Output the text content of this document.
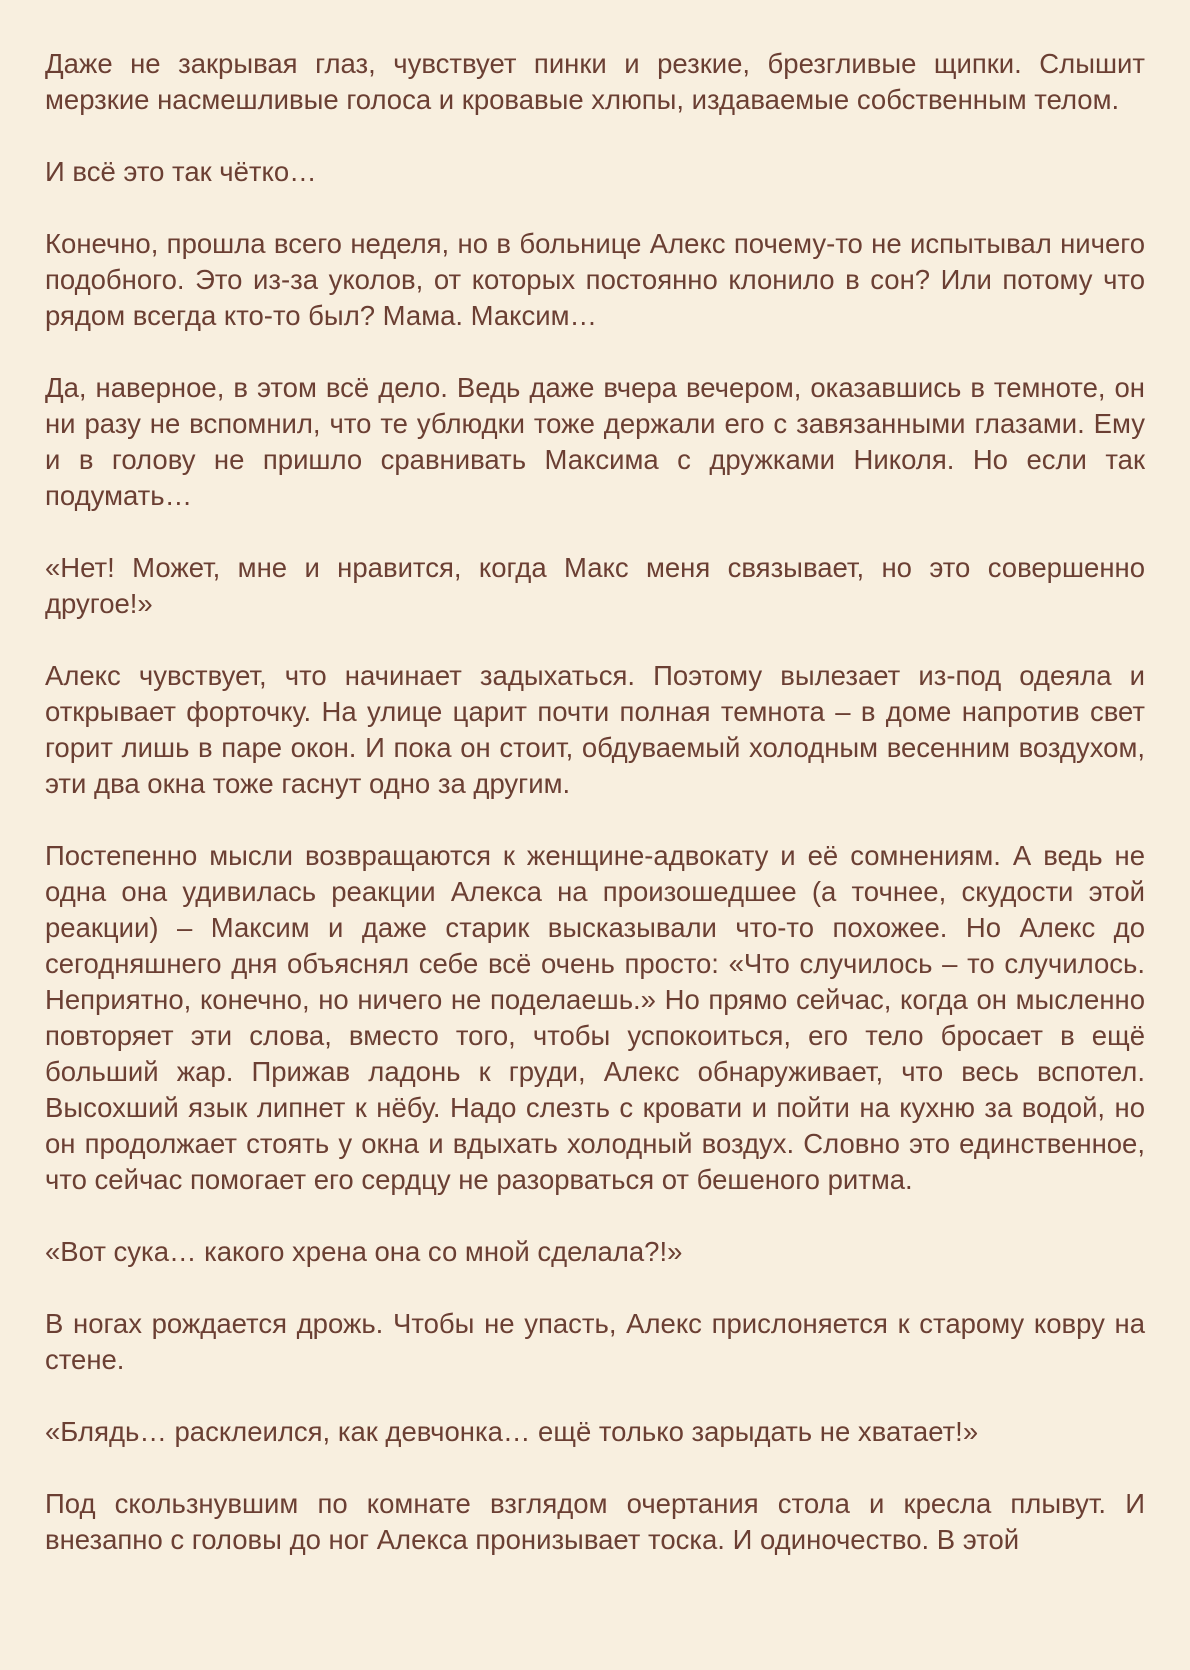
Даже не закрывая глаз, чувствует пинки и резкие, брезгливые щипки. Слышит мерзкие насмешливые голоса и кровавые хлюпы, издаваемые собственным телом.

И всё это так чётко…

Конечно, прошла всего неделя, но в больнице Алекс почему-то не испытывал ничего подобного. Это из-за уколов, от которых постоянно клонило в сон? Или потому что рядом всегда кто-то был? Мама. Максим…

Да, наверное, в этом всё дело. Ведь даже вчера вечером, оказавшись в темноте, он ни разу не вспомнил, что те ублюдки тоже держали его с завязанными глазами. Ему и в голову не пришло сравнивать Максима с дружками Николя. Но если так подумать…

«Нет! Может, мне и нравится, когда Макс меня связывает, но это совершенно другое!»

Алекс чувствует, что начинает задыхаться. Поэтому вылезает из-под одеяла и открывает форточку. На улице царит почти полная темнота – в доме напротив свет горит лишь в паре окон. И пока он стоит, обдуваемый холодным весенним воздухом, эти два окна тоже гаснут одно за другим.

Постепенно мысли возвращаются к женщине-адвокату и её сомнениям. А ведь не одна она удивилась реакции Алекса на произошедшее (а точнее, скудости этой реакции) – Максим и даже старик высказывали что-то похожее. Но Алекс до сегодняшнего дня объяснял себе всё очень просто: «Что случилось – то случилось. Неприятно, конечно, но ничего не поделаешь.» Но прямо сейчас, когда он мысленно повторяет эти слова, вместо того, чтобы успокоиться, его тело бросает в ещё больший жар. Прижав ладонь к груди, Алекс обнаруживает, что весь вспотел. Высохший язык липнет к нёбу. Надо слезть с кровати и пойти на кухню за водой, но он продолжает стоять у окна и вдыхать холодный воздух. Словно это единственное, что сейчас помогает его сердцу не разорваться от бешеного ритма.

«Вот сука… какого хрена она со мной сделала?!»

В ногах рождается дрожь. Чтобы не упасть, Алекс прислоняется к старому ковру на стене.

«Блядь… расклеился, как девчонка… ещё только зарыдать не хватает!»

Под скользнувшим по комнате взглядом очертания стола и кресла плывут. И внезапно с головы до ног Алекса пронизывает тоска. И одиночество. В этой
